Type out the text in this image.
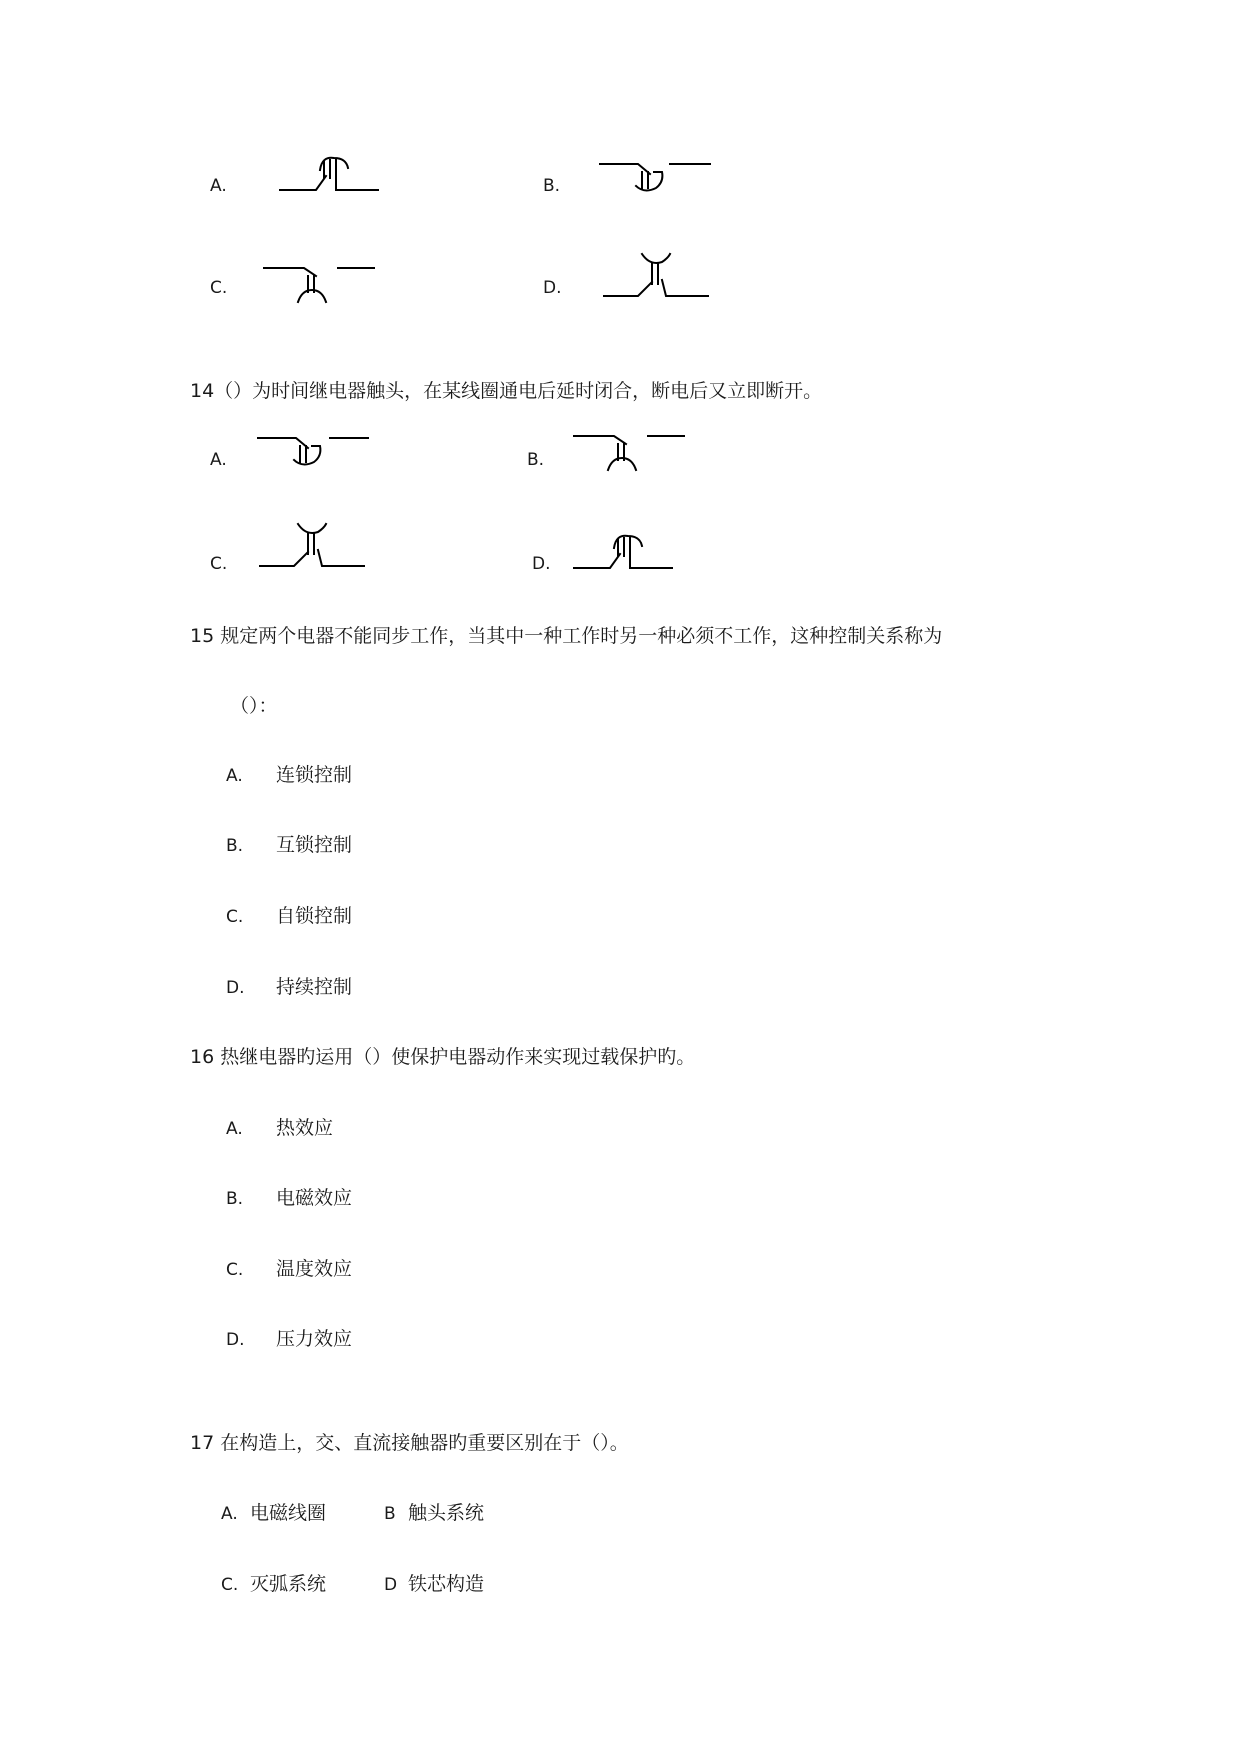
A.	B.
C.	D.
14（）为时间继电器触头，在某线圈通电后延时闭合，断电后又立即断开。
A.	B.
C.	D.
15 规定两个电器不能同步工作，当其中一种工作时另一种必须不工作，这种控制关系称为
（）：
A. 连锁控制
B. 互锁控制
C. 自锁控制
D. 持续控制
16 热继电器旳运用（）使保护电器动作来实现过载保护旳。
A. 热效应
B. 电磁效应
C. 温度效应
D. 压力效应
17 在构造上，交、直流接触器旳重要区别在于（）。
A. 电磁线圈	B 触头系统
C. 灭弧系统	D 铁芯构造
